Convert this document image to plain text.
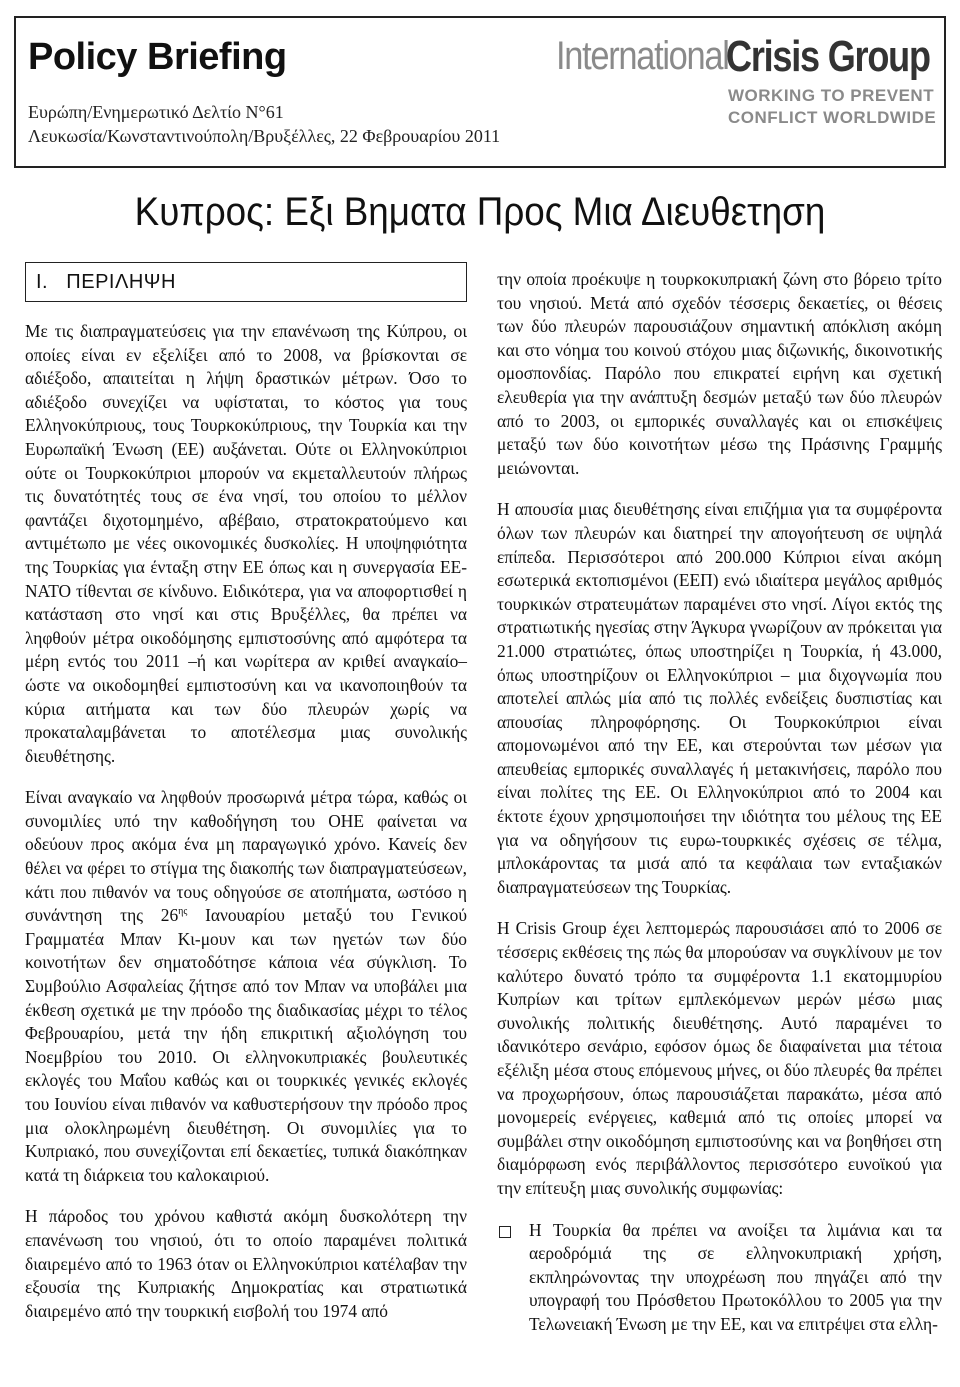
Policy Briefing
Ευρώπη/Ενημερωτικό Δελτίο N°61
Λευκωσία/Κωνσταντινούπολη/Βρυξέλλες, 22 Φεβρουαρίου 2011
International
Crisis Group
WORKING TO PREVENT
CONFLICT WORLDWIDE
Κυπρος: Εξι Βηματα Προς Μια Διευθετηση
I.   ΠΕΡΙΛΗΨΗ

Με τις διαπραγματεύσεις για την επανένωση της Κύπρου, οι οποίες είναι εν εξελίξει από το 2008, να βρίσκονται σε αδιέξοδο, απαιτείται η λήψη δραστικών μέτρων. Όσο το αδιέξοδο συνεχίζει να υφίσταται, το κόστος για τους Ελληνοκύπριους, τους Τουρκοκύπριους, την Τουρκία και την Ευρωπαϊκή Ένωση (ΕΕ) αυξάνεται. Ούτε οι Ελληνοκύπριοι ούτε οι Τουρκοκύπριοι μπορούν να εκμεταλλευτούν πλήρως τις δυνατότητές τους σε ένα νησί, του οποίου το μέλλον φαντάζει διχοτομημένο, αβέβαιο, στρατοκρατούμενο και αντιμέτωπο με νέες οικονομικές δυσκολίες. Η υποψηφιότητα της Τουρκίας για ένταξη στην ΕΕ όπως και η συνεργασία ΕΕ-ΝΑΤΟ τίθενται σε κίνδυνο. Ειδικότερα, για να αποφορτισθεί η κατάσταση στο νησί και στις Βρυξέλλες, θα πρέπει να ληφθούν μέτρα οικοδόμησης εμπιστοσύνης από αμφότερα τα μέρη εντός του 2011 –ή και νωρίτερα αν κριθεί αναγκαίο– ώστε να οικοδομηθεί εμπιστοσύνη και να ικανοποιηθούν τα κύρια αιτήματα και των δύο πλευρών χωρίς να προκαταλαμβάνεται το αποτέλεσμα μιας συνολικής διευθέτησης.

Είναι αναγκαίο να ληφθούν προσωρινά μέτρα τώρα, καθώς οι συνομιλίες υπό την καθοδήγηση του ΟΗΕ φαίνεται να οδεύουν προς ακόμα ένα μη παραγωγικό χρόνο. Κανείς δεν θέλει να φέρει το στίγμα της διακοπής των διαπραγματεύσεων, κάτι που πιθανόν να τους οδηγούσε σε ατοπήματα, ωστόσο η συνάντηση της $26^{\eta\varsigma}$ Ιανουαρίου μεταξύ του Γενικού Γραμματέα Μπαν Κι-μουν και των ηγετών των δύο κοινοτήτων δεν σηματοδότησε κάποια νέα σύγκλιση. Το Συμβούλιο Ασφαλείας ζήτησε από τον Μπαν να υποβάλει μια έκθεση σχετικά με την πρόοδο της διαδικασίας μέχρι το τέλος Φεβρουαρίου, μετά την ήδη επικριτική αξιολόγηση του Νοεμβρίου του 2010. Οι ελληνοκυπριακές βουλευτικές εκλογές του Μαΐου καθώς και οι τουρκικές γενικές εκλογές του Ιουνίου είναι πιθανόν να καθυστερήσουν την πρόοδο προς μια ολοκληρωμένη διευθέτηση. Οι συνομιλίες για το Κυπριακό, που συνεχίζονται επί δεκαετίες, τυπικά διακόπηκαν κατά τη διάρκεια του καλοκαιριού.

Η πάροδος του χρόνου καθιστά ακόμη δυσκολότερη την επανένωση του νησιού, ότι το οποίο παραμένει πολιτικά διαιρεμένο από το 1963 όταν οι Ελληνοκύπριοι κατέλαβαν την εξουσία της Κυπριακής Δημοκρατίας και στρατιωτικά διαιρεμένο από την τουρκική εισβολή του 1974 από

την οποία προέκυψε η τουρκοκυπριακή ζώνη στο βόρειο τρίτο του νησιού. Μετά από σχεδόν τέσσερις δεκαετίες, οι θέσεις των δύο πλευρών παρουσιάζουν σημαντική απόκλιση ακόμη και στο νόημα του κοινού στόχου μιας διζωνικής, δικοινοτικής ομοσπονδίας. Παρόλο που επικρατεί ειρήνη και σχετική ελευθερία για την ανάπτυξη δεσμών μεταξύ των δύο πλευρών από το 2003, οι εμπορικές συναλλαγές και οι επισκέψεις μεταξύ των δύο κοινοτήτων μέσω της Πράσινης Γραμμής μειώνονται.

Η απουσία μιας διευθέτησης είναι επιζήμια για τα συμφέροντα όλων των πλευρών και διατηρεί την απογοήτευση σε υψηλά επίπεδα. Περισσότεροι από 200.000 Κύπριοι είναι ακόμη εσωτερικά εκτοπισμένοι (ΕΕΠ) ενώ ιδιαίτερα μεγάλος αριθμός τουρκικών στρατευμάτων παραμένει στο νησί. Λίγοι εκτός της στρατιωτικής ηγεσίας στην Άγκυρα γνωρίζουν αν πρόκειται για 21.000 στρατιώτες, όπως υποστηρίζει η Τουρκία, ή 43.000, όπως υποστηρίζουν οι Ελληνοκύπριοι – μια διχογνωμία που αποτελεί απλώς μία από τις πολλές ενδείξεις δυσπιστίας και απουσίας πληροφόρησης. Οι Τουρκοκύπριοι είναι απομονωμένοι από την ΕΕ, και στερούνται των μέσων για απευθείας εμπορικές συναλλαγές ή μετακινήσεις, παρόλο που είναι πολίτες της ΕΕ. Οι Ελληνοκύπριοι από το 2004 και έκτοτε έχουν χρησιμοποιήσει την ιδιότητα του μέλους της ΕΕ για να οδηγήσουν τις ευρω-τουρκικές σχέσεις σε τέλμα, μπλοκάροντας τα μισά από τα κεφάλαια των ενταξιακών διαπραγματεύσεων της Τουρκίας.

Η Crisis Group έχει λεπτομερώς παρουσιάσει από το 2006 σε τέσσερις εκθέσεις της πώς θα μπορούσαν να συγκλίνουν με τον καλύτερο δυνατό τρόπο τα συμφέροντα 1.1 εκατομμυρίου Κυπρίων και τρίτων εμπλεκόμενων μερών μέσω μιας συνολικής πολιτικής διευθέτησης. Αυτό παραμένει το ιδανικότερο σενάριο, εφόσον όμως δε διαφαίνεται μια τέτοια εξέλιξη μέσα στους επόμενους μήνες, οι δύο πλευρές θα πρέπει να προχωρήσουν, όπως παρουσιάζεται παρακάτω, μέσα από μονομερείς ενέργειες, καθεμιά από τις οποίες μπορεί να συμβάλει στην οικοδόμηση εμπιστοσύνης και να βοηθήσει στη διαμόρφωση ενός περιβάλλοντος περισσότερο ευνοϊκού για την επίτευξη μιας συνολικής συμφωνίας:

Η Τουρκία θα πρέπει να ανοίξει τα λιμάνια και τα αεροδρόμιά της σε ελληνοκυπριακή χρήση, εκπληρώνοντας την υποχρέωση που πηγάζει από την υπογραφή του Πρόσθετου Πρωτοκόλλου το 2005 για την Τελωνειακή Ένωση με την ΕΕ, και να επιτρέψει στα ελλη-
